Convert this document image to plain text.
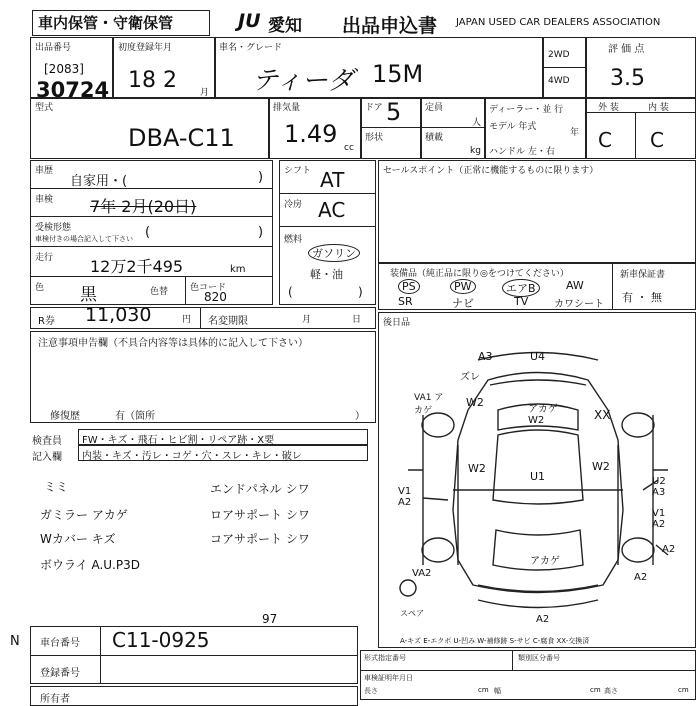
車内保管・守衛保管	JU 愛知 出品申込書 JAPAN USED CAR DEALERS ASSOCIATION
出品番号
[2083]
30724
初度登録年月
18 2	月
車名・グレード
ティーダ 15M
2WD
4WD
評 価 点
3.5
型式
DBA-C11
排気量
1.49 cc
ドア 5	定員
人
形状	積載
kg
ディーラー・並 行
モデル 年式
年
ハンドル 左・右
外 装	内 装
C C
車歴
自家用・(	)
車検 7年 2月(20日)
受検形態
車検付きの場合記入して下さい (	)
走行 12万2千495	km
色 黒	色替 色コード
820
シフト AT
冷房 AC
燃料
ガソリン
軽・油
(	)
セールスポイント（正常に機能するものに限ります）
装備品（純正品に限り◎をつけてください）
PS	PW	エアB	AW
SR	ナビ	TV	カワシート
新車保証書
有 ・ 無
R券 11,030	円 名変期限	月	日
注意事項申告欄（不具合内容等は具体的に記入して下さい）
修復歴	有（箇所	）
検査員
記入欄
FW・キズ・飛石・ヒビ割・リペア跡・X要
内装・キズ・汚レ・コゲ・穴・スレ・キレ・破レ
ミミ	エンドパネル シワ
ガミラー アカゲ	ロアサポート シワ
Wカバー キズ	コアサポート シワ
ボウライ A.U.P3D
後日品
A3	U4
ズレ
VA1 アカゲ
W2
アカゲ W2	XX
W2
U1
W2
V1 A2
U2 A3
V1 A2
アカゲ
A2
VA2	A2
A2
スペア
A-キズ E-エクボ U-凹み W-補修跡 S-サビ C-腐食 XX-交換済
N 車台番号 C11-0925
97
登録番号
所有者
形式指定番号	類別区分番号
車検証明年月日
長さ	cm 幅	cm 高さ	cm
